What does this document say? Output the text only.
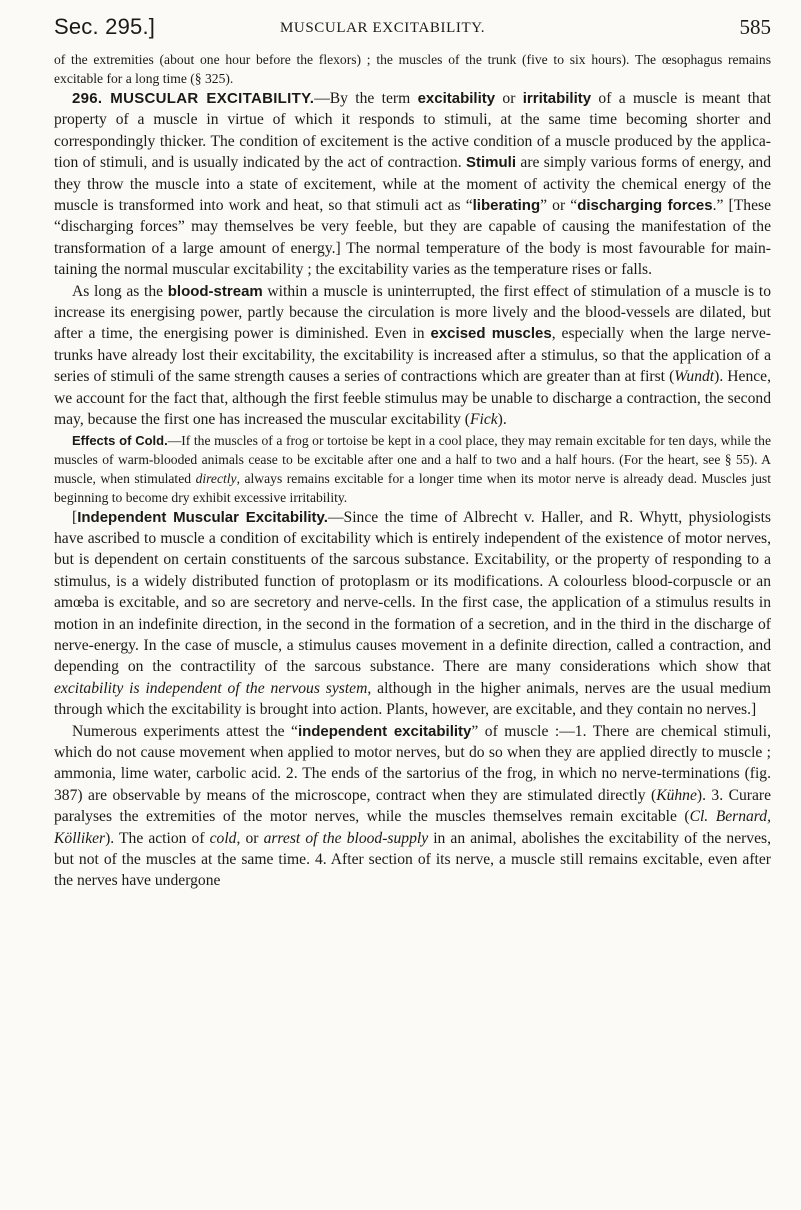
Sec. 295.]	MUSCULAR EXCITABILITY.	585

of the extremities (about one hour before the flexors) ; the muscles of the trunk (five to six hours). The œsophagus remains excitable for a long time (§ 325).

296. MUSCULAR EXCITABILITY.—By the term excitability or irritability of a muscle is meant that property of a muscle in virtue of which it responds to stimuli, at the same time becoming shorter and correspondingly thicker. The condition of excitement is the active condition of a muscle produced by the application of stimuli, and is usually indicated by the act of contraction. Stimuli are simply various forms of energy, and they throw the muscle into a state of excitement, while at the moment of activity the chemical energy of the muscle is transformed into work and heat, so that stimuli act as “liberating” or “discharging forces.” [These “discharging forces” may themselves be very feeble, but they are capable of causing the manifestation of the transformation of a large amount of energy.] The normal temperature of the body is most favourable for maintaining the normal muscular excitability ; the excitability varies as the temperature rises or falls.

As long as the blood-stream within a muscle is uninterrupted, the first effect of stimulation of a muscle is to increase its energising power, partly because the circulation is more lively and the blood-vessels are dilated, but after a time, the energising power is diminished. Even in excised muscles, especially when the large nerve-trunks have already lost their excitability, the excitability is increased after a stimulus, so that the application of a series of stimuli of the same strength causes a series of contractions which are greater than at first (Wundt). Hence, we account for the fact that, although the first feeble stimulus may be unable to discharge a contraction, the second may, because the first one has increased the muscular excitability (Fick).

Effects of Cold.—If the muscles of a frog or tortoise be kept in a cool place, they may remain excitable for ten days, while the muscles of warm-blooded animals cease to be excitable after one and a half to two and a half hours. (For the heart, see § 55). A muscle, when stimulated directly, always remains excitable for a longer time when its motor nerve is already dead. Muscles just beginning to become dry exhibit excessive irritability.

[Independent Muscular Excitability.—Since the time of Albrecht v. Haller, and R. Whytt, physiologists have ascribed to muscle a condition of excitability which is entirely independent of the existence of motor nerves, but is dependent on certain constituents of the sarcous substance. Excitability, or the property of responding to a stimulus, is a widely distributed function of protoplasm or its modifications. A colourless blood-corpuscle or an amœba is excitable, and so are secretory and nerve-cells. In the first case, the application of a stimulus results in motion in an indefinite direction, in the second in the formation of a secretion, and in the third in the discharge of nerve-energy. In the case of muscle, a stimulus causes movement in a definite direction, called a contraction, and depending on the contractility of the sarcous substance. There are many considerations which show that excitability is independent of the nervous system, although in the higher animals, nerves are the usual medium through which the excitability is brought into action. Plants, however, are excitable, and they contain no nerves.]

Numerous experiments attest the “independent excitability” of muscle :—1. There are chemical stimuli, which do not cause movement when applied to motor nerves, but do so when they are applied directly to muscle ; ammonia, lime water, carbolic acid. 2. The ends of the sartorius of the frog, in which no nerve-terminations (fig. 387) are observable by means of the microscope, contract when they are stimulated directly (Kühne). 3. Curare paralyses the extremities of the motor nerves, while the muscles themselves remain excitable (Cl. Bernard, Kölliker). The action of cold, or arrest of the blood-supply in an animal, abolishes the excitability of the nerves, but not of the muscles at the same time. 4. After section of its nerve, a muscle still remains excitable, even after the nerves have undergone
